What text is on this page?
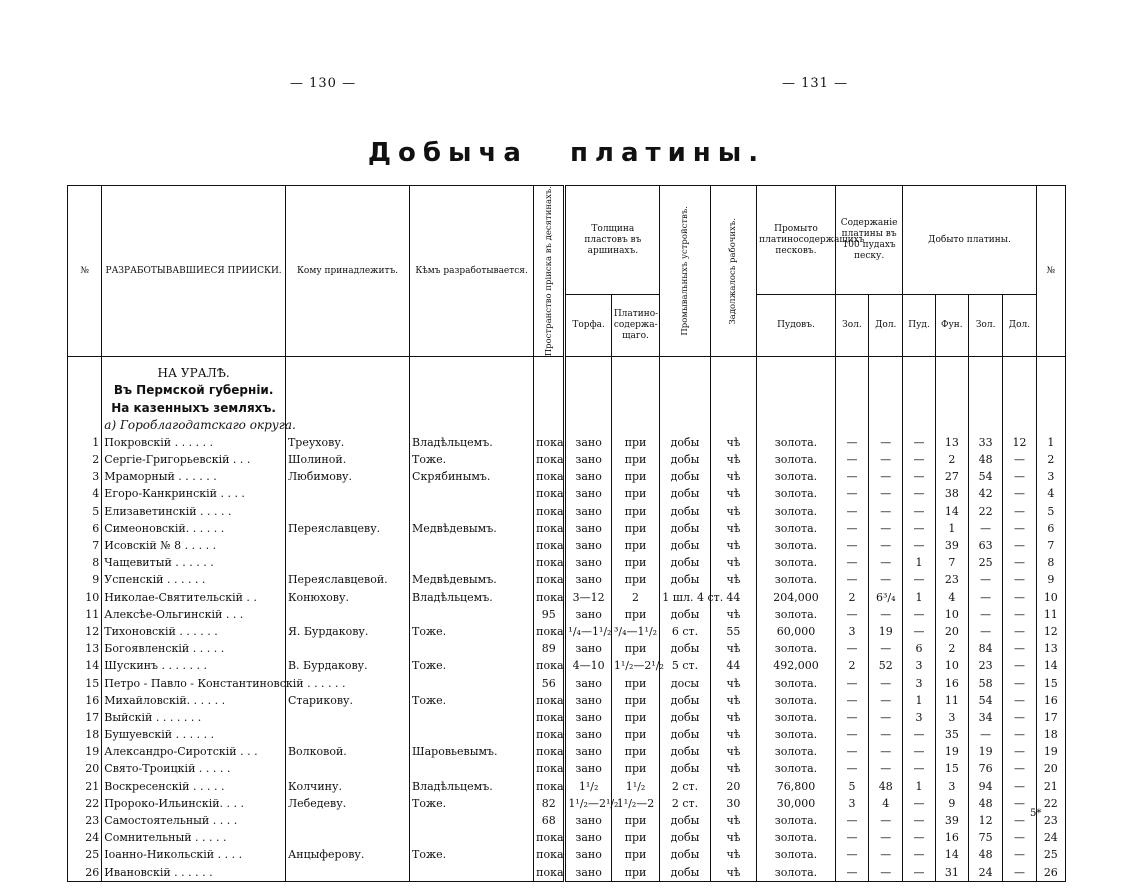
— 130 —	— 131 —
Добыча платины.
№	РАЗРАБОТЫВАВШИЕСЯ ПРИИСКИ.	Кому принадлежитъ.	Кѣмъ разработывается.	Пространство пріиска въ десятинахъ.	Толщина пластовъ въ аршинахъ.		Промывальныхъ устройствъ.	Задолжалось рабочихъ.	Промыто платиносодержащихъ песковъ.	Содержаніе платины въ 100 пудахъ песку.		Добыто платины.				№
					Торфа.	Платино-содержа-щаго.			Пудовъ.	Зол.	Дол.	Пуд.	Фун.	Зол.	Дол.	

	НА УРАЛѢ.															
	Въ Пермской губерніи.															
	На казенныхъ земляхъ.															
	а) Гороблагодатскаго округа.															
1	Покровскій . . . . . .	Треухову.	Владѣльцемъ.	пока	зано	при	добы	чѣ	золота.	—	—	—	13	33	12	1
2	Сергіе-Григорьевскій . . .	Шолиной.	Тоже.	пока	зано	при	добы	чѣ	золота.	—	—	—	2	48	—	2
3	Мраморный . . . . . .	Любимову.	Скрябинымъ.	пока	зано	при	добы	чѣ	золота.	—	—	—	27	54	—	3
4	Егоро-Канкринскій . . . .			пока	зано	при	добы	чѣ	золота.	—	—	—	38	42	—	4
5	Елизаветинскій . . . . .			пока	зано	при	добы	чѣ	золота.	—	—	—	14	22	—	5
6	Симеоновскій. . . . . .	Переяславцеву.	Медвѣдевымъ.	пока	зано	при	добы	чѣ	золота.	—	—	—	1	—	—	6
7	Исовскій № 8 . . . . .			пока	зано	при	добы	чѣ	золота.	—	—	—	39	63	—	7
8	Чащевитый . . . . . .			пока	зано	при	добы	чѣ	золота.	—	—	1	7	25	—	8
9	Успенскій . . . . . .	Переяславцевой.	Медвѣдевымъ.	пока	зано	при	добы	чѣ	золота.	—	—	—	23	—	—	9
10	Николае-Святительскій . .	Конюхову.	Владѣльцемъ.	пока	3—12	2	1 шл. 4 ст.	44	204,000	2	6³/₄	1	4	—	—	10
11	Алексѣе-Ольгинскій . . .			95	зано	при	добы	чѣ	золота.	—	—	—	10	—	—	11
12	Тихоновскій . . . . . .	Я. Бурдакову.	Тоже.	пока	¹/₄—1¹/₂	³/₄—1¹/₂	6 ст.	55	60,000	3	19	—	20	—	—	12
13	Богоявленскій . . . . .			89	зано	при	добы	чѣ	золота.	—	—	6	2	84	—	13
14	Шускинъ . . . . . . .	В. Бурдакову.	Тоже.	пока	4—10	1¹/₂—2¹/₂	5 ст.	44	492,000	2	52	3	10	23	—	14
15	Петро - Павло - Константиновскій . . . . . .			56	зано	при	досы	чѣ	золота.	—	—	3	16	58	—	15
16	Михайловскій. . . . . .	Старикову.	Тоже.	пока	зано	при	добы	чѣ	золота.	—	—	1	11	54	—	16
17	Выйскій . . . . . . .			пока	зано	при	добы	чѣ	золота.	—	—	3	3	34	—	17
18	Бушуевскій . . . . . .			пока	зано	при	добы	чѣ	золота.	—	—	—	35	—	—	18
19	Александро-Сиротскій . . .	Волковой.	Шаровьевымъ.	пока	зано	при	добы	чѣ	золота.	—	—	—	19	19	—	19
20	Свято-Троицкій . . . . .			пока	зано	при	добы	чѣ	золота.	—	—	—	15	76	—	20
21	Воскресенскій . . . . .	Колчину.	Владѣльцемъ.	пока	1¹/₂	1¹/₂	2 ст.	20	76,800	5	48	1	3	94	—	21
22	Пророко-Ильинскій. . . .	Лебедеву.	Тоже.	82	1¹/₂—2¹/₂	1¹/₂—2	2 ст.	30	30,000	3	4	—	9	48	—	22
23	Самостоятельный . . . .			68	зано	при	добы	чѣ	золота.	—	—	—	39	12	—	23
24	Сомнительный . . . . .			пока	зано	при	добы	чѣ	золота.	—	—	—	16	75	—	24
25	Іоанно-Никольскій . . . .	Анцыферову.	Тоже.	пока	зано	при	добы	чѣ	золота.	—	—	—	14	48	—	25
26	Ивановскій . . . . . .			пока	зано	при	добы	чѣ	золота.	—	—	—	31	24	—	26
5*
